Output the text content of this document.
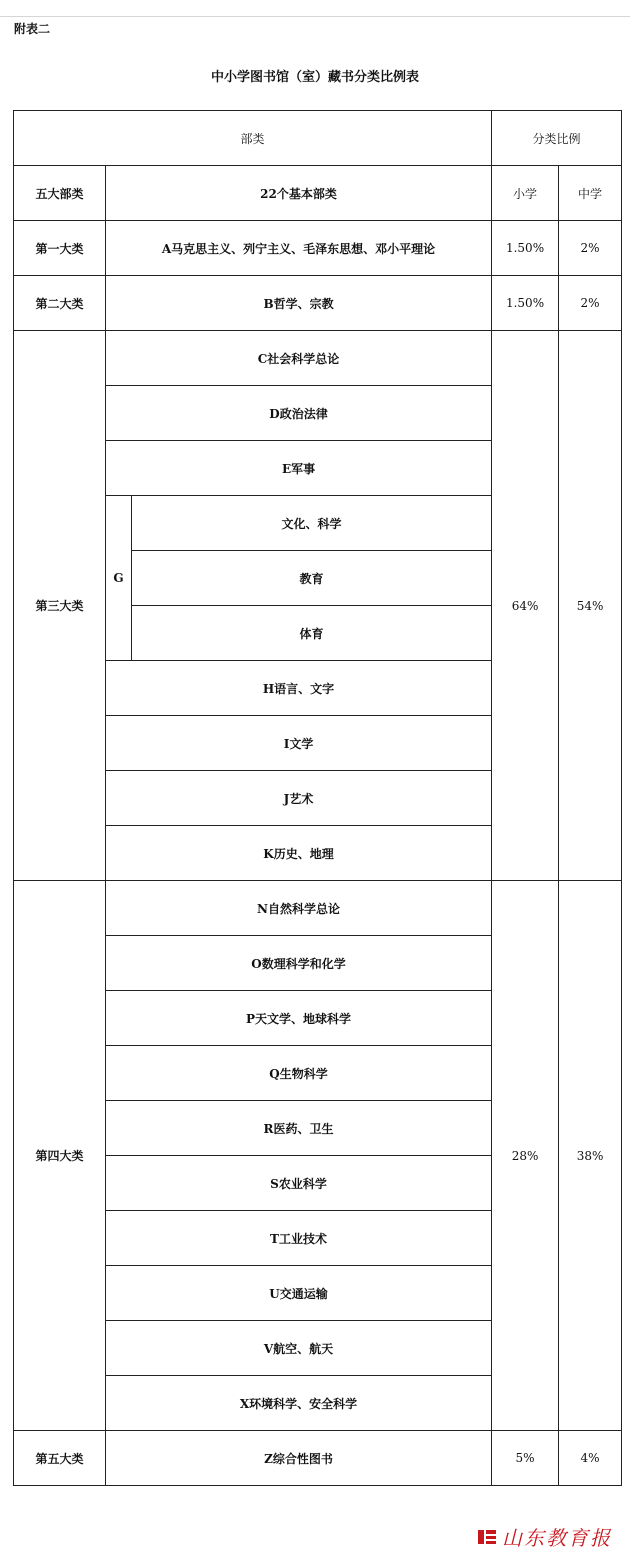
附表二
中小学图书馆（室）藏书分类比例表
部类			分类比例	
五大部类	22个基本部类		小学	中学
第一大类	A马克思主义、列宁主义、毛泽东思想、邓小平理论		1.50%	2%
第二大类	B哲学、宗教		1.50%	2%
第三大类	C社会科学总论		64%	54%
	D政治法律			
	E军事			
	G	文化、科学		
		教育		
		体育		
	H语言、文字			
	I文学			
	J艺术			
	K历史、地理			
第四大类	N自然科学总论		28%	38%
	O数理科学和化学			
	P天文学、地球科学			
	Q生物科学			
	R医药、卫生			
	S农业科学			
	T工业技术			
	U交通运输			
	V航空、航天			
	X环境科学、安全科学			
第五大类	Z综合性图书		5%	4%
山东教育报
